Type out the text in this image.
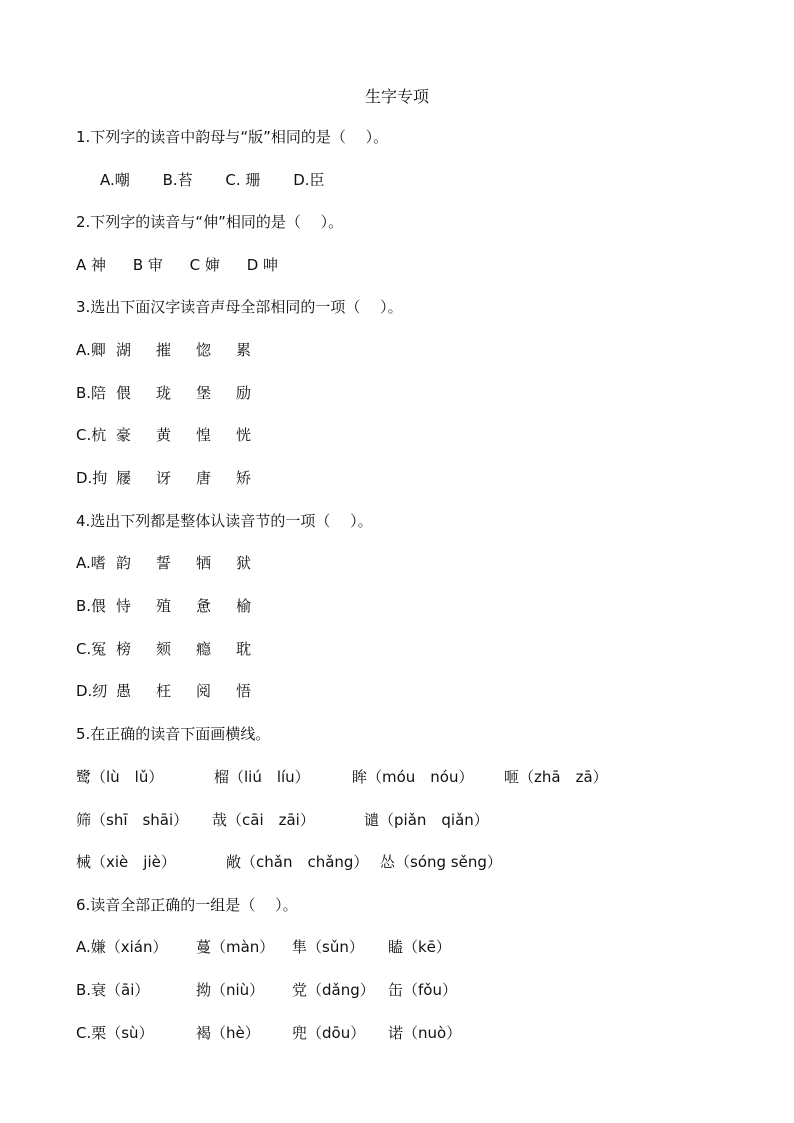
生字专项
1.下列字的读音中韵母与“版”相同的是（　 ）。
A.嘲 B.苔 C. 珊 D.臣
2.下列字的读音与“伸”相同的是（　 ）。
A 神 B 审 C 婶 D 呻
3.选出下面汉字读音声母全部相同的一项（　 ）。
A.卿 湖 摧 惚 累
B.陪 偎 珑 堡 励
C.杭 豪 黄 惶 恍
D.拘 屦 讶 唐 矫
4.选出下列都是整体认读音节的一项（　 ）。
A.嗜 韵 誓 牺 狱
B.偎 恃 殖 惫 榆
C.冤 榜 颏 瘾 耽
D.纫 愚 枉 阅 悟
5.在正确的读音下面画横线。
鹭（lù　lǔ）	榴（liú　líu）	眸（móu　nóu） 咂（zhā　zā）
筛（shī　shāi） 哉（cāi　zāi）	谴（piǎn　qiǎn）
械（xiè　jiè）	敞（chǎn　chǎng） 怂（sóng sěng）
6.读音全部正确的一组是（　 ）。
A.嫌（xián） 蔓（màn） 隼（sǔn） 瞌（kē）
B.衰（āi）	拗（niù） 党（dǎng） 缶（fǒu）
C.栗（sù）	褐（hè） 兜（dōu） 诺（nuò）
